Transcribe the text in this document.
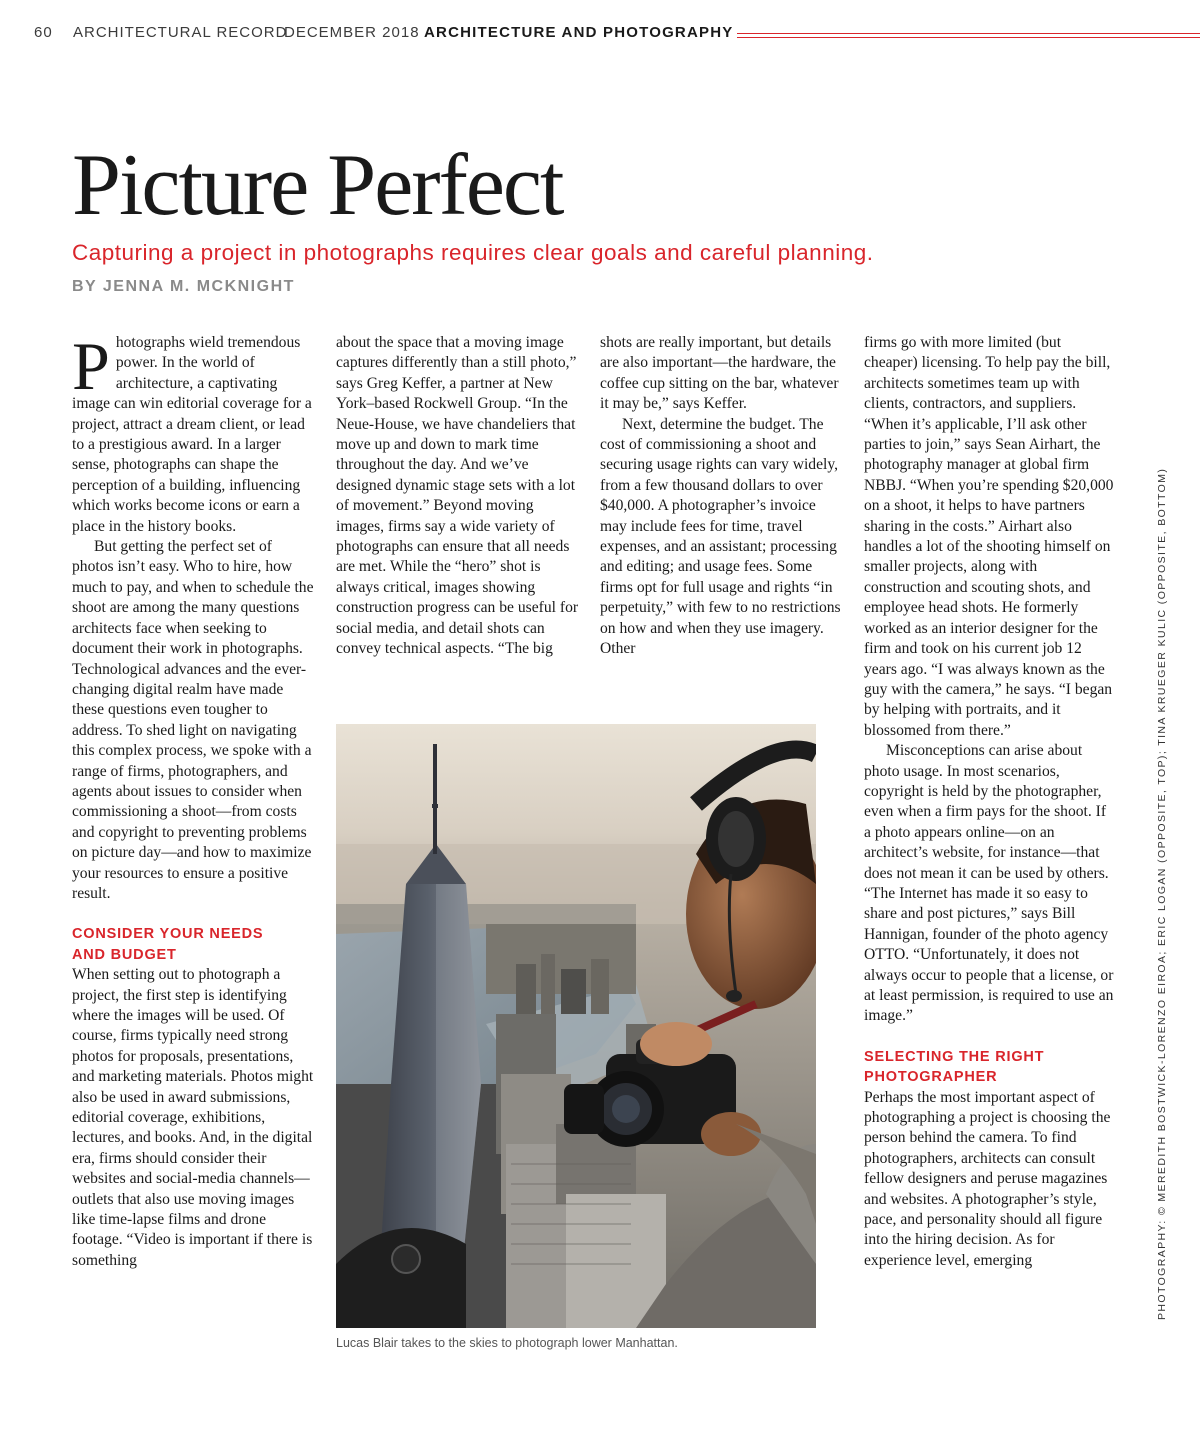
60 ARCHITECTURAL RECORD
DECEMBER 2018 ARCHITECTURE AND PHOTOGRAPHY
Picture Perfect
Capturing a project in photographs requires clear goals and careful planning.
BY JENNA M. MCKNIGHT

Photographs wield tremendous power. In the world of architecture, a captivating image can win editorial coverage for a project, attract a dream client, or lead to a prestigious award. In a larger sense, photographs can shape the perception of a building, influencing which works become icons or earn a place in the history books.

But getting the perfect set of photos isn’t easy. Who to hire, how much to pay, and when to schedule the shoot are among the many questions architects face when seeking to document their work in photographs. Technological advances and the ever-changing digital realm have made these questions even tougher to address. To shed light on navigating this complex process, we spoke with a range of firms, photographers, and agents about issues to consider when commissioning a shoot—from costs and copyright to preventing problems on picture day—and how to maximize your resources to ensure a positive result.

CONSIDER YOUR NEEDS
AND BUDGET

When setting out to photograph a project, the first step is identifying where the images will be used. Of course, firms typically need strong photos for proposals, presentations, and marketing materials. Photos might also be used in award submissions, editorial coverage, exhibitions, lectures, and books. And, in the digital era, firms should consider their websites and social-media channels—outlets that also use moving images like time-lapse films and drone footage. “Video is important if there is something

about the space that a moving image captures differently than a still photo,” says Greg Keffer, a partner at New York–based Rockwell Group. “In the Neue-House, we have chandeliers that move up and down to mark time throughout the day. And we’ve designed dynamic stage sets with a lot of movement.” Beyond moving images, firms say a wide variety of photographs can ensure that all needs are met. While the “hero” shot is always critical, images showing construction progress can be useful for social media, and detail shots can convey technical aspects. “The big

shots are really important, but details are also important—the hardware, the coffee cup sitting on the bar, whatever it may be,” says Keffer.

Next, determine the budget. The cost of commissioning a shoot and securing usage rights can vary widely, from a few thousand dollars to over $40,000. A photographer’s invoice may include fees for time, travel expenses, and an assistant; processing and editing; and usage fees. Some firms opt for full usage and rights “in perpetuity,” with few to no restrictions on how and when they use imagery. Other

firms go with more limited (but cheaper) licensing. To help pay the bill, architects sometimes team up with clients, contractors, and suppliers. “When it’s applicable, I’ll ask other parties to join,” says Sean Airhart, the photography manager at global firm NBBJ. “When you’re spending $20,000 on a shoot, it helps to have partners sharing in the costs.” Airhart also handles a lot of the shooting himself on smaller projects, along with construction and scouting shots, and employee head shots. He formerly worked as an interior designer for the firm and took on his current job 12 years ago. “I was always known as the guy with the camera,” he says. “I began by helping with portraits, and it blossomed from there.”

Misconceptions can arise about photo usage. In most scenarios, copyright is held by the photographer, even when a firm pays for the shoot. If a photo appears online—on an architect’s website, for instance—that does not mean it can be used by others. “The Internet has made it so easy to share and post pictures,” says Bill Hannigan, founder of the photo agency OTTO. “Unfortunately, it does not always occur to people that a license, or at least permission, is required to use an image.”

SELECTING THE RIGHT
PHOTOGRAPHER

Perhaps the most important aspect of photographing a project is choosing the person behind the camera. To find photographers, architects can consult fellow designers and peruse magazines and websites. A photographer’s style, pace, and personality should all figure into the hiring decision. As for experience level, emerging

Lucas Blair takes to the skies to photograph lower Manhattan.
PHOTOGRAPHY: © MEREDITH BOSTWICK-LORENZO EIROA; ERIC LOGAN (OPPOSITE, TOP); TINA KRUEGER KULIC (OPPOSITE, BOTTOM)
